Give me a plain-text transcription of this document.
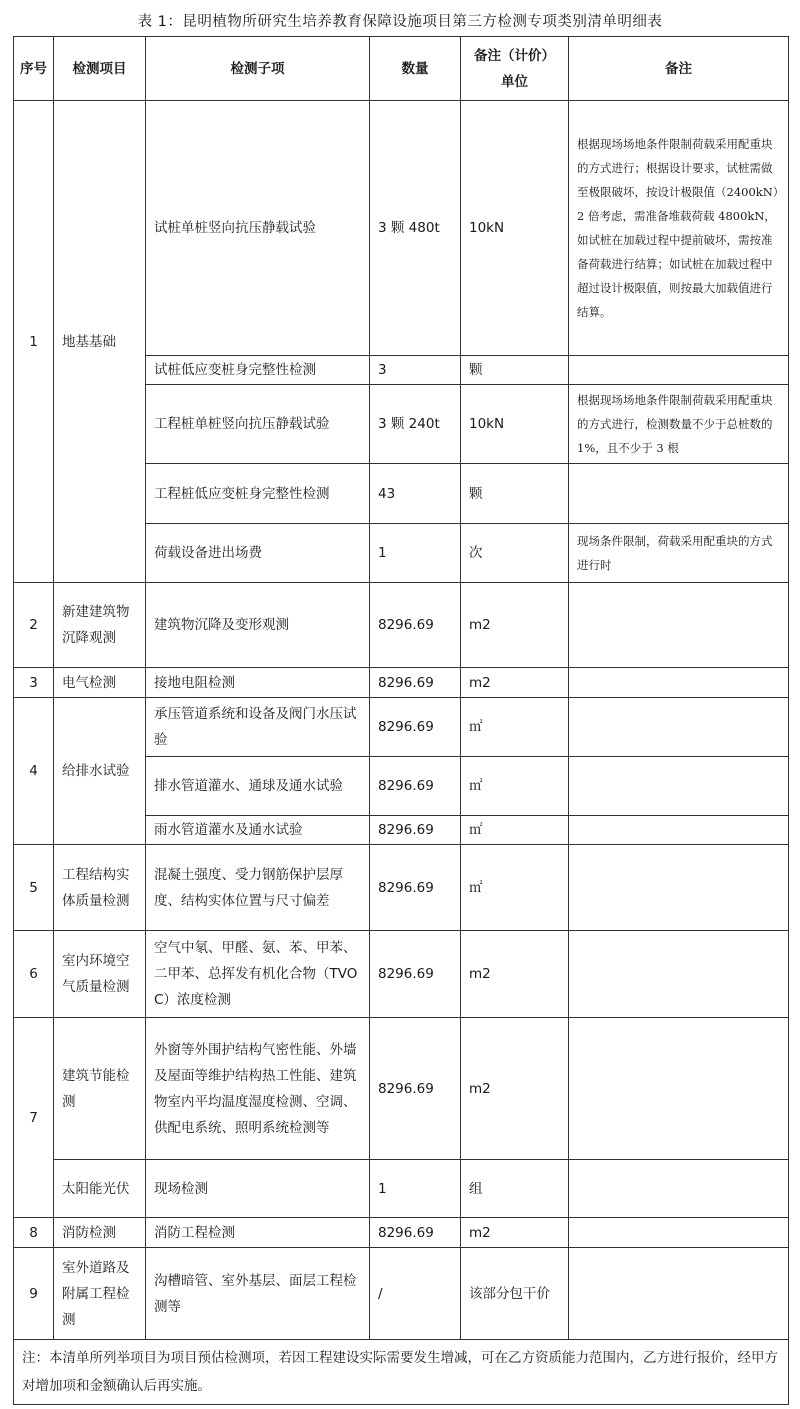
表 1：昆明植物所研究生培养教育保障设施项目第三方检测专项类别清单明细表
序号	检测项目	检测子项	数量	备注（计价）单位	备注
1	地基基础	试桩单桩竖向抗压静载试验	3 颗 480t	10kN	根据现场场地条件限制荷载采用配重块的方式进行；根据设计要求，试桩需做至极限破坏，按设计极限值（2400kN）2 倍考虑，需准备堆载荷载 4800kN，如试桩在加载过程中提前破坏，需按准备荷载进行结算；如试桩在加载过程中超过设计极限值，则按最大加载值进行结算。
		试桩低应变桩身完整性检测	3	颗	
		工程桩单桩竖向抗压静载试验	3 颗 240t	10kN	根据现场场地条件限制荷载采用配重块的方式进行，检测数量不少于总桩数的 1%，且不少于 3 根
		工程桩低应变桩身完整性检测	43	颗	
		荷载设备进出场费	1	次	现场条件限制，荷载采用配重块的方式进行时
2	新建建筑物沉降观测	建筑物沉降及变形观测	8296.69	m2	
3	电气检测	接地电阻检测	8296.69	m2	
4	给排水试验	承压管道系统和设备及阀门水压试验	8296.69	㎡	
		排水管道灌水、通球及通水试验	8296.69	㎡	
		雨水管道灌水及通水试验	8296.69	㎡	
5	工程结构实体质量检测	混凝土强度、受力钢筋保护层厚度、结构实体位置与尺寸偏差	8296.69	㎡	
6	室内环境空气质量检测	空气中氡、甲醛、氨、苯、甲苯、二甲苯、总挥发有机化合物（TVOC）浓度检测	8296.69	m2	
7	建筑节能检测	外窗等外围护结构气密性能、外墙及屋面等维护结构热工性能、建筑物室内平均温度湿度检测、空调、供配电系统、照明系统检测等	8296.69	m2	
	太阳能光伏	现场检测	1	组	
8	消防检测	消防工程检测	8296.69	m2	
9	室外道路及附属工程检测	沟槽暗管、室外基层、面层工程检测等	/	该部分包干价	
注：本清单所列举项目为项目预估检测项，若因工程建设实际需要发生增减，可在乙方资质能力范围内，乙方进行报价，经甲方对增加项和金额确认后再实施。					
